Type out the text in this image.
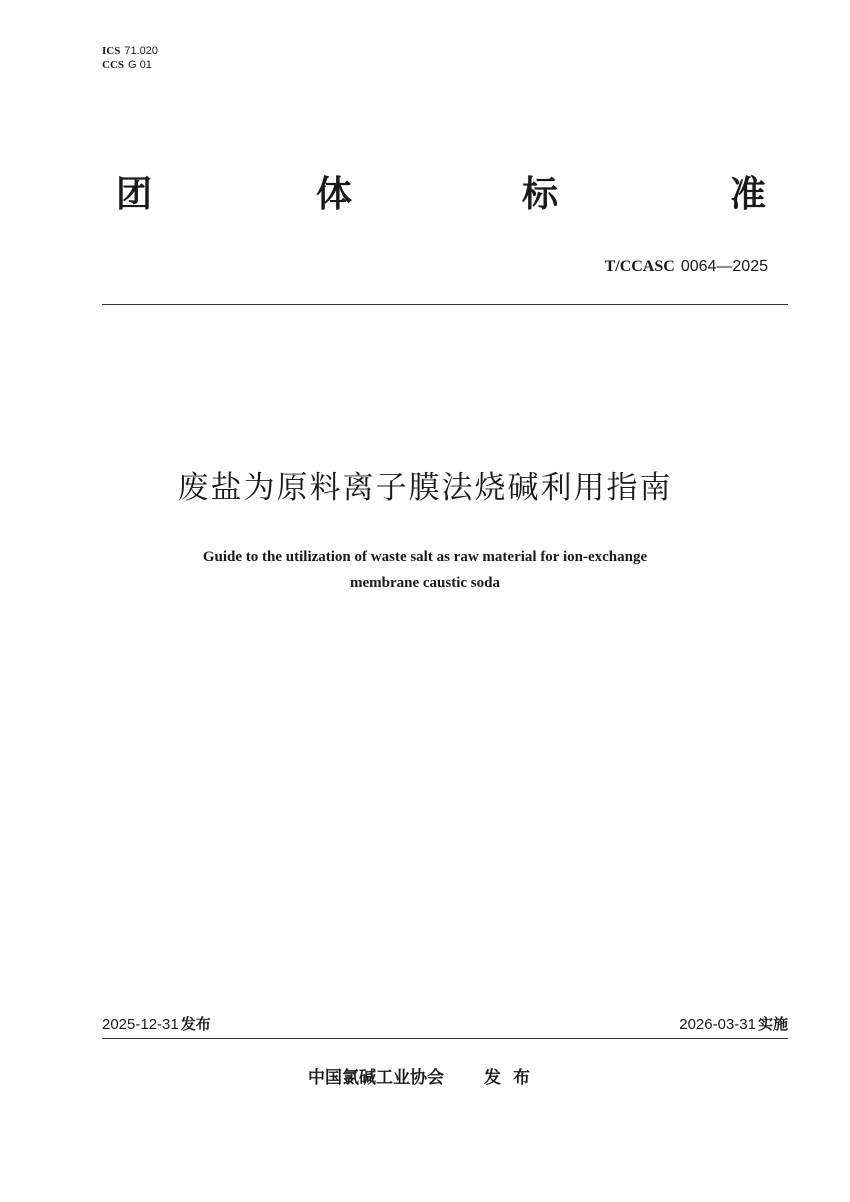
ICS 71.020
CCS G 01
团	体	标	准
T/CCASC 0064—2025
废盐为原料离子膜法烧碱利用指南
Guide to the utilization of waste salt as raw material for ion-exchange
membrane caustic soda
2025-12-31 发布	2026-03-31 实施
中国氯碱工业协会 发布
